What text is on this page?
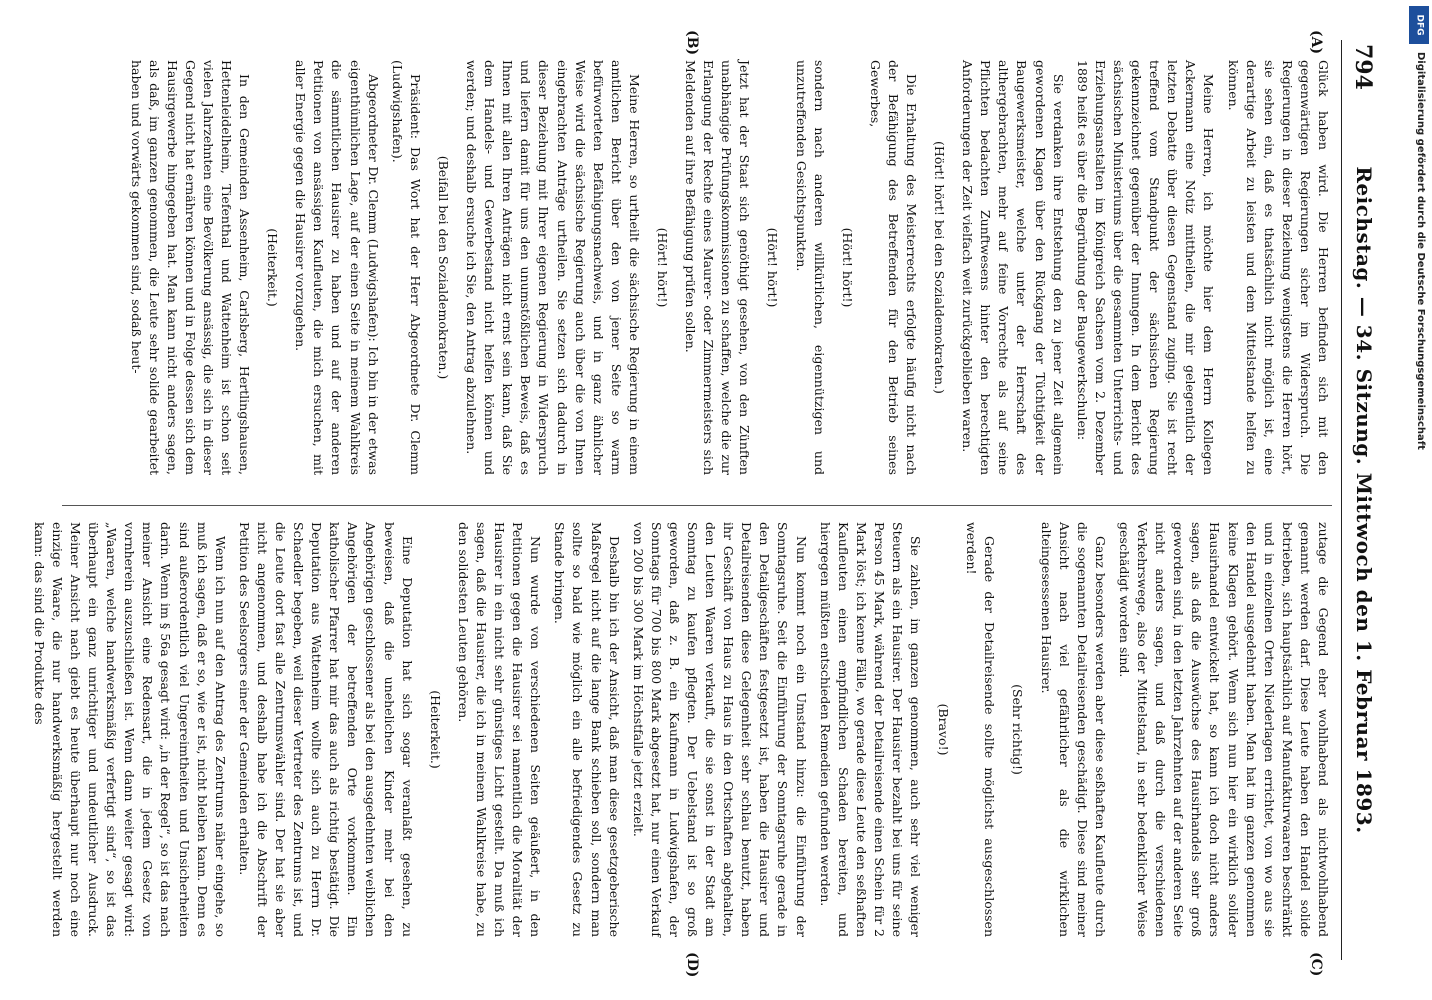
794
Reichstag. — 34. Sitzung. Mittwoch den 1. Februar 1893.
(A)
(B)
(C)
(D)

Glück haben wird. Die Herren befinden sich mit den gegenwärtigen Regierungen sicher im Widerspruch. Die Regierungen in dieser Beziehung wenigstens die Herren hört, sie sehen ein, daß es thatsächlich nicht möglich ist, eine derartige Arbeit zu leisten und dem Mittelstande helfen zu können.

Meine Herren, ich möchte hier dem Herrn Kollegen Ackermann eine Notiz mittheilen, die mir gelegentlich der letzten Debatte über diesen Gegenstand zuging. Sie ist recht treffend vom Standpunkt der sächsischen Regierung gekennzeichnet gegenüber der Innungen. In dem Bericht des sächsischen Ministeriums über die gesammten Unterrichts- und Erziehungsanstalten im Königreich Sachsen vom 2. Dezember 1889 heißt es über die Begründung der Baugewerkschulen:

Sie verdanken ihre Entstehung den zu jener Zeit allgemein gewordenen Klagen über den Rückgang der Tüchtigkeit der Baugewerksmeister, welche unter der Herrschaft des althergebrachten, mehr auf feine Vorrechte als auf seine Pflichten bedachten Zunftwesens hinter den berechtigten Anforderungen der Zeit vielfach weit zurückgeblieben waren.

(Hört! hört! bei den Sozialdemokraten.)

Die Erhaltung des Meisterrechts erfolgte häufig nicht nach der Befähigung des Betreffenden für den Betrieb seines Gewerbes,

(Hört! hört!)

sondern nach anderen willkürlichen, eigennützigen und unzutreffenden Gesichtspunkten.

(Hört! hört!)

Jetzt hat der Staat sich genöthigt gesehen, von den Zünften unabhängige Prüfungskommissionen zu schaffen, welche die zur Erlangung der Rechte eines Maurer- oder Zimmermeisters sich Meldenden auf ihre Befähigung prüfen sollen.

(Hört! hört!)

Meine Herren, so urtheilt die sächsische Regierung in einem amtlichen Bericht über den von jener Seite so warm befürworteten Befähigungsnachweis, und in ganz ähnlicher Weise wird die sächsische Regierung auch über die von Ihnen eingebrachten Anträge urtheilen. Sie setzen sich dadurch in dieser Beziehung mit Ihrer eigenen Regierung in Widerspruch und liefern damit für uns den unumstößlichen Beweis, daß es Ihnen mit allen Ihren Anträgen nicht ernst sein kann, daß Sie dem Handels- und Gewerbestand nicht helfen können und werden; und deshalb ersuche ich Sie, den Antrag abzulehnen.

(Beifall bei den Sozialdemokraten.)

Präsident: Das Wort hat der Herr Abgeordnete Dr. Clemm (Ludwigshafen).

Abgeordneter Dr. Clemm (Ludwigshafen): Ich bin in der etwas eigenthümlichen Lage, auf der einen Seite in meinem Wahlkreis die sämmtlichen Hausirer zu haben und auf der anderen Petitionen von ansässigen Kaufleuten, die mich ersuchen, mit aller Energie gegen die Hausirer vorzugehen.

(Heiterkeit.)

In den Gemeinden Assenheim, Carlsberg, Hertlingshausen, Hettenleidelheim, Tiefenthal und Wattenheim ist schon seit vielen Jahrzehnten eine Bevölkerung ansässig, die sich in dieser Gegend nicht hat ernähren können und in Folge dessen sich dem Hausirgewerbe hingegeben hat. Man kann nicht anders sagen, als daß, im ganzen genommen, die Leute sehr solide gearbeitet haben und vorwärts gekommen sind, sodaß heut-

zutage die Gegend eher wohlhabend als nichtwohlhabend genannt werden darf. Diese Leute haben den Handel solide betrieben, sich hauptsächlich auf Manufakturwaaren beschränkt und in einzelnen Orten Niederlagen errichtet, von wo aus sie den Handel ausgedehnt haben. Man hat im ganzen genommen keine Klagen gehört. Wenn sich nun hier ein wirklich solider Hausirhandel entwickelt hat, so kann ich doch nicht anders sagen, als daß die Auswüchse des Hausirhandels sehr groß geworden sind, in den letzten Jahrzehnten auf der anderen Seite nicht anders sagen, und daß durch die verschiedenen Verkehrswege, also der Mittelstand, in sehr bedenklicher Weise geschädigt worden sind.

Ganz besonders werden aber diese seßhaften Kaufleute durch die sogenannten Detailreisenden geschädigt. Diese sind meiner Ansicht nach viel gefährlicher als die wirklichen alteingesessenen Hausirer.

(Sehr richtig!)

Gerade der Detailreisende sollte möglichst ausgeschlossen werden!

(Bravo!)

Sie zahlen, im ganzen genommen, auch sehr viel weniger Steuern als ein Hausirer. Der Hausirer bezahlt bei uns für seine Person 45 Mark, während der Detailreisende einen Schein für 2 Mark löst; ich kenne Fälle, wo gerade diese Leute den seßhaften Kaufleuten einen empfindlichen Schaden bereiten, und hiergegen müßten entschieden Remedien gefunden werden.

Nun kommt noch ein Umstand hinzu: die Einführung der Sonntagsruhe. Seit die Einführung der Sonntagsruhe gerade in den Detailgeschäften festgesetzt ist, haben die Hausirer und Detailreisenden diese Gelegenheit sehr schlau benutzt, haben ihr Geschäft von Haus zu Haus in den Ortschaften abgehalten, den Leuten Waaren verkauft, die sie sonst in der Stadt am Sonntag zu kaufen pflegten. Der Uebelstand ist so groß geworden, daß z. B. ein Kaufmann in Ludwigshafen, der Sonntags für 700 bis 800 Mark abgesetzt hat, nur einen Verkauf von 200 bis 300 Mark im Höchstfalle jetzt erzielt.

Deshalb bin ich der Ansicht, daß man diese gesetzgeberische Maßregel nicht auf die lange Bank schieben soll, sondern man sollte so bald wie möglich ein alle befriedigendes Gesetz zu Stande bringen.

Nun wurde von verschiedenen Seiten geäußert, in den Petitionen gegen die Hausirer sei namentlich die Moralität der Hausirer in ein nicht sehr günstiges Licht gestellt. Da muß ich sagen, daß die Hausirer, die ich in meinem Wahlkreise habe, zu den solidesten Leuten gehören.

(Heiterkeit.)

Eine Deputation hat sich sogar veranlaßt gesehen, zu beweisen, daß die unehelichen Kinder mehr bei den Angehörigen geschlossener als bei den ausgedehnten weiblichen Angehörigen der betreffenden Orte vorkommen. Ein katholischer Pfarrer hat mir das auch als richtig bestätigt. Die Deputation aus Wattenheim wollte sich auch zu Herrn Dr. Schaedler begeben, weil dieser Vertreter des Zentrums ist, und die Leute dort fast alle Zentrumswähler sind. Der hat sie aber nicht angenommen, und deshalb habe ich die Abschrift der Petition des Seelsorgers einer der Gemeinden erhalten.

Wenn ich nun auf den Antrag des Zentrums näher eingehe, so muß ich sagen, daß er so, wie er ist, nicht bleiben kann. Denn es sind außerordentlich viel Ungereimtheiten und Unsicherheiten darin. Wenn im § 56a gesagt wird: „in der Regel“, so ist das nach meiner Ansicht eine Redensart, die in jedem Gesetz von vornherein auszuschließen ist. Wenn dann weiter gesagt wird: „Waaren, welche handwerksmäßig verfertigt sind“, so ist das überhaupt ein ganz unrichtiger und undeutlicher Ausdruck. Meiner Ansicht nach giebt es heute überhaupt nur noch eine einzige Waare, die nur handwerksmäßig hergestellt werden kann: das sind die Produkte des

DFG
Digitalisierung gefördert durch die Deutsche Forschungsgemeinschaft
